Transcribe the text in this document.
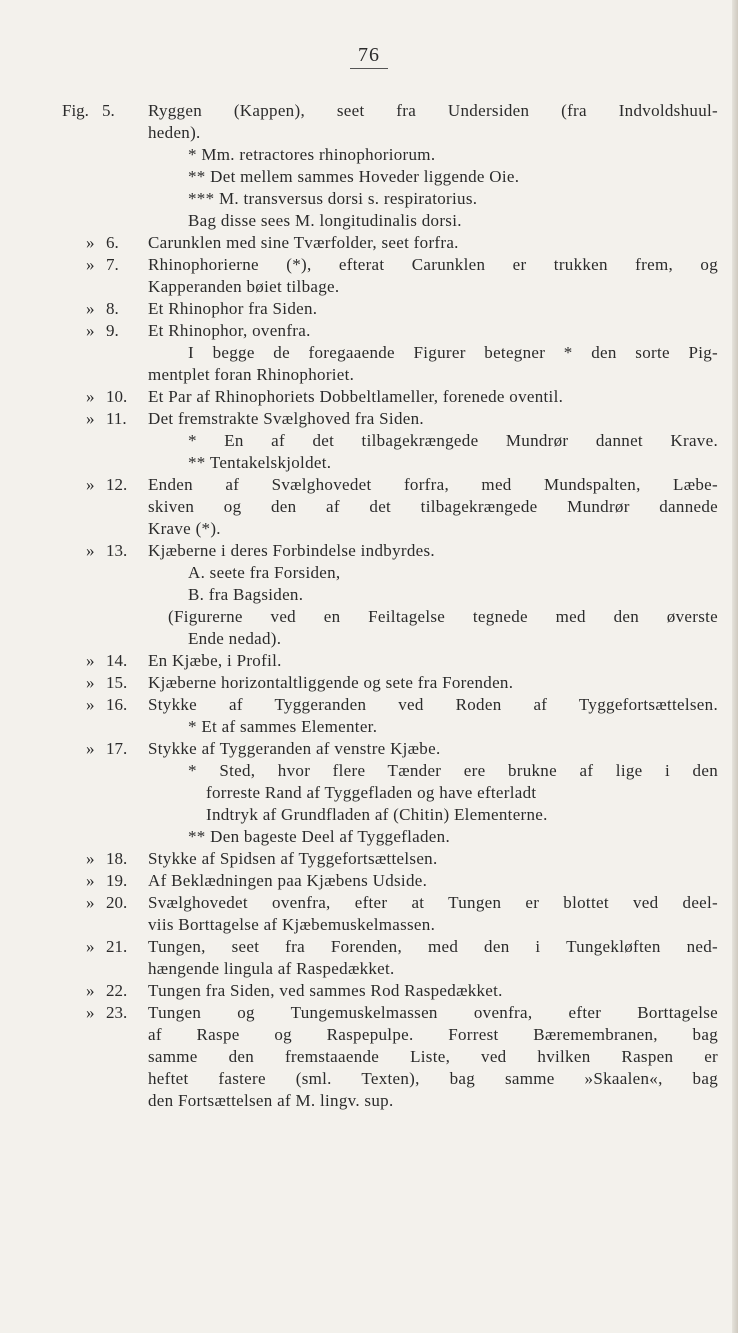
76
Fig. 5.	Ryggen (Kappen), seet fra Undersiden (fra Indvoldshuul-
heden).
* Mm. retractores rhinophoriorum.
** Det mellem sammes Hoveder liggende Oie.
*** M. transversus dorsi s. respiratorius.
Bag disse sees M. longitudinalis dorsi.
» 6.	Carunklen med sine Tværfolder, seet forfra.
» 7.	Rhinophorierne (*), efterat Carunklen er trukken frem, og
Kapperanden bøiet tilbage.
» 8.	Et Rhinophor fra Siden.
» 9.	Et Rhinophor, ovenfra.
I begge de foregaaende Figurer betegner * den sorte Pig-
mentplet foran Rhinophoriet.
» 10.	Et Par af Rhinophoriets Dobbeltlameller, forenede oventil.
» 11.	Det fremstrakte Svælghoved fra Siden.
* En af det tilbagekrængede Mundrør dannet Krave.
** Tentakelskjoldet.
» 12.	Enden af Svælghovedet forfra, med Mundspalten, Læbe-
skiven og den af det tilbagekrængede Mundrør dannede
Krave (*).
» 13.	Kjæberne i deres Forbindelse indbyrdes.
A. seete fra Forsiden,
B. fra Bagsiden.
(Figurerne ved en Feiltagelse tegnede med den øverste
Ende nedad).
» 14.	En Kjæbe, i Profil.
» 15.	Kjæberne horizontaltliggende og sete fra Forenden.
» 16.	Stykke af Tyggeranden ved Roden af Tyggefortsættelsen.
* Et af sammes Elementer.
» 17.	Stykke af Tyggeranden af venstre Kjæbe.
* Sted, hvor flere Tænder ere brukne af lige i den
forreste Rand af Tyggefladen og have efterladt
Indtryk af Grundfladen af (Chitin) Elementerne.
** Den bageste Deel af Tyggefladen.
» 18.	Stykke af Spidsen af Tyggefortsættelsen.
» 19.	Af Beklædningen paa Kjæbens Udside.
» 20.	Svælghovedet ovenfra, efter at Tungen er blottet ved deel-
viis Borttagelse af Kjæbemuskelmassen.
» 21.	Tungen, seet fra Forenden, med den i Tungekløften ned-
hængende lingula af Raspedækket.
» 22.	Tungen fra Siden, ved sammes Rod Raspedækket.
» 23.	Tungen og Tungemuskelmassen ovenfra, efter Borttagelse
af Raspe og Raspepulpe. Forrest Bæremembranen, bag
samme den fremstaaende Liste, ved hvilken Raspen er
heftet fastere (sml. Texten), bag samme »Skaalen«, bag
den Fortsættelsen af M. lingv. sup.
